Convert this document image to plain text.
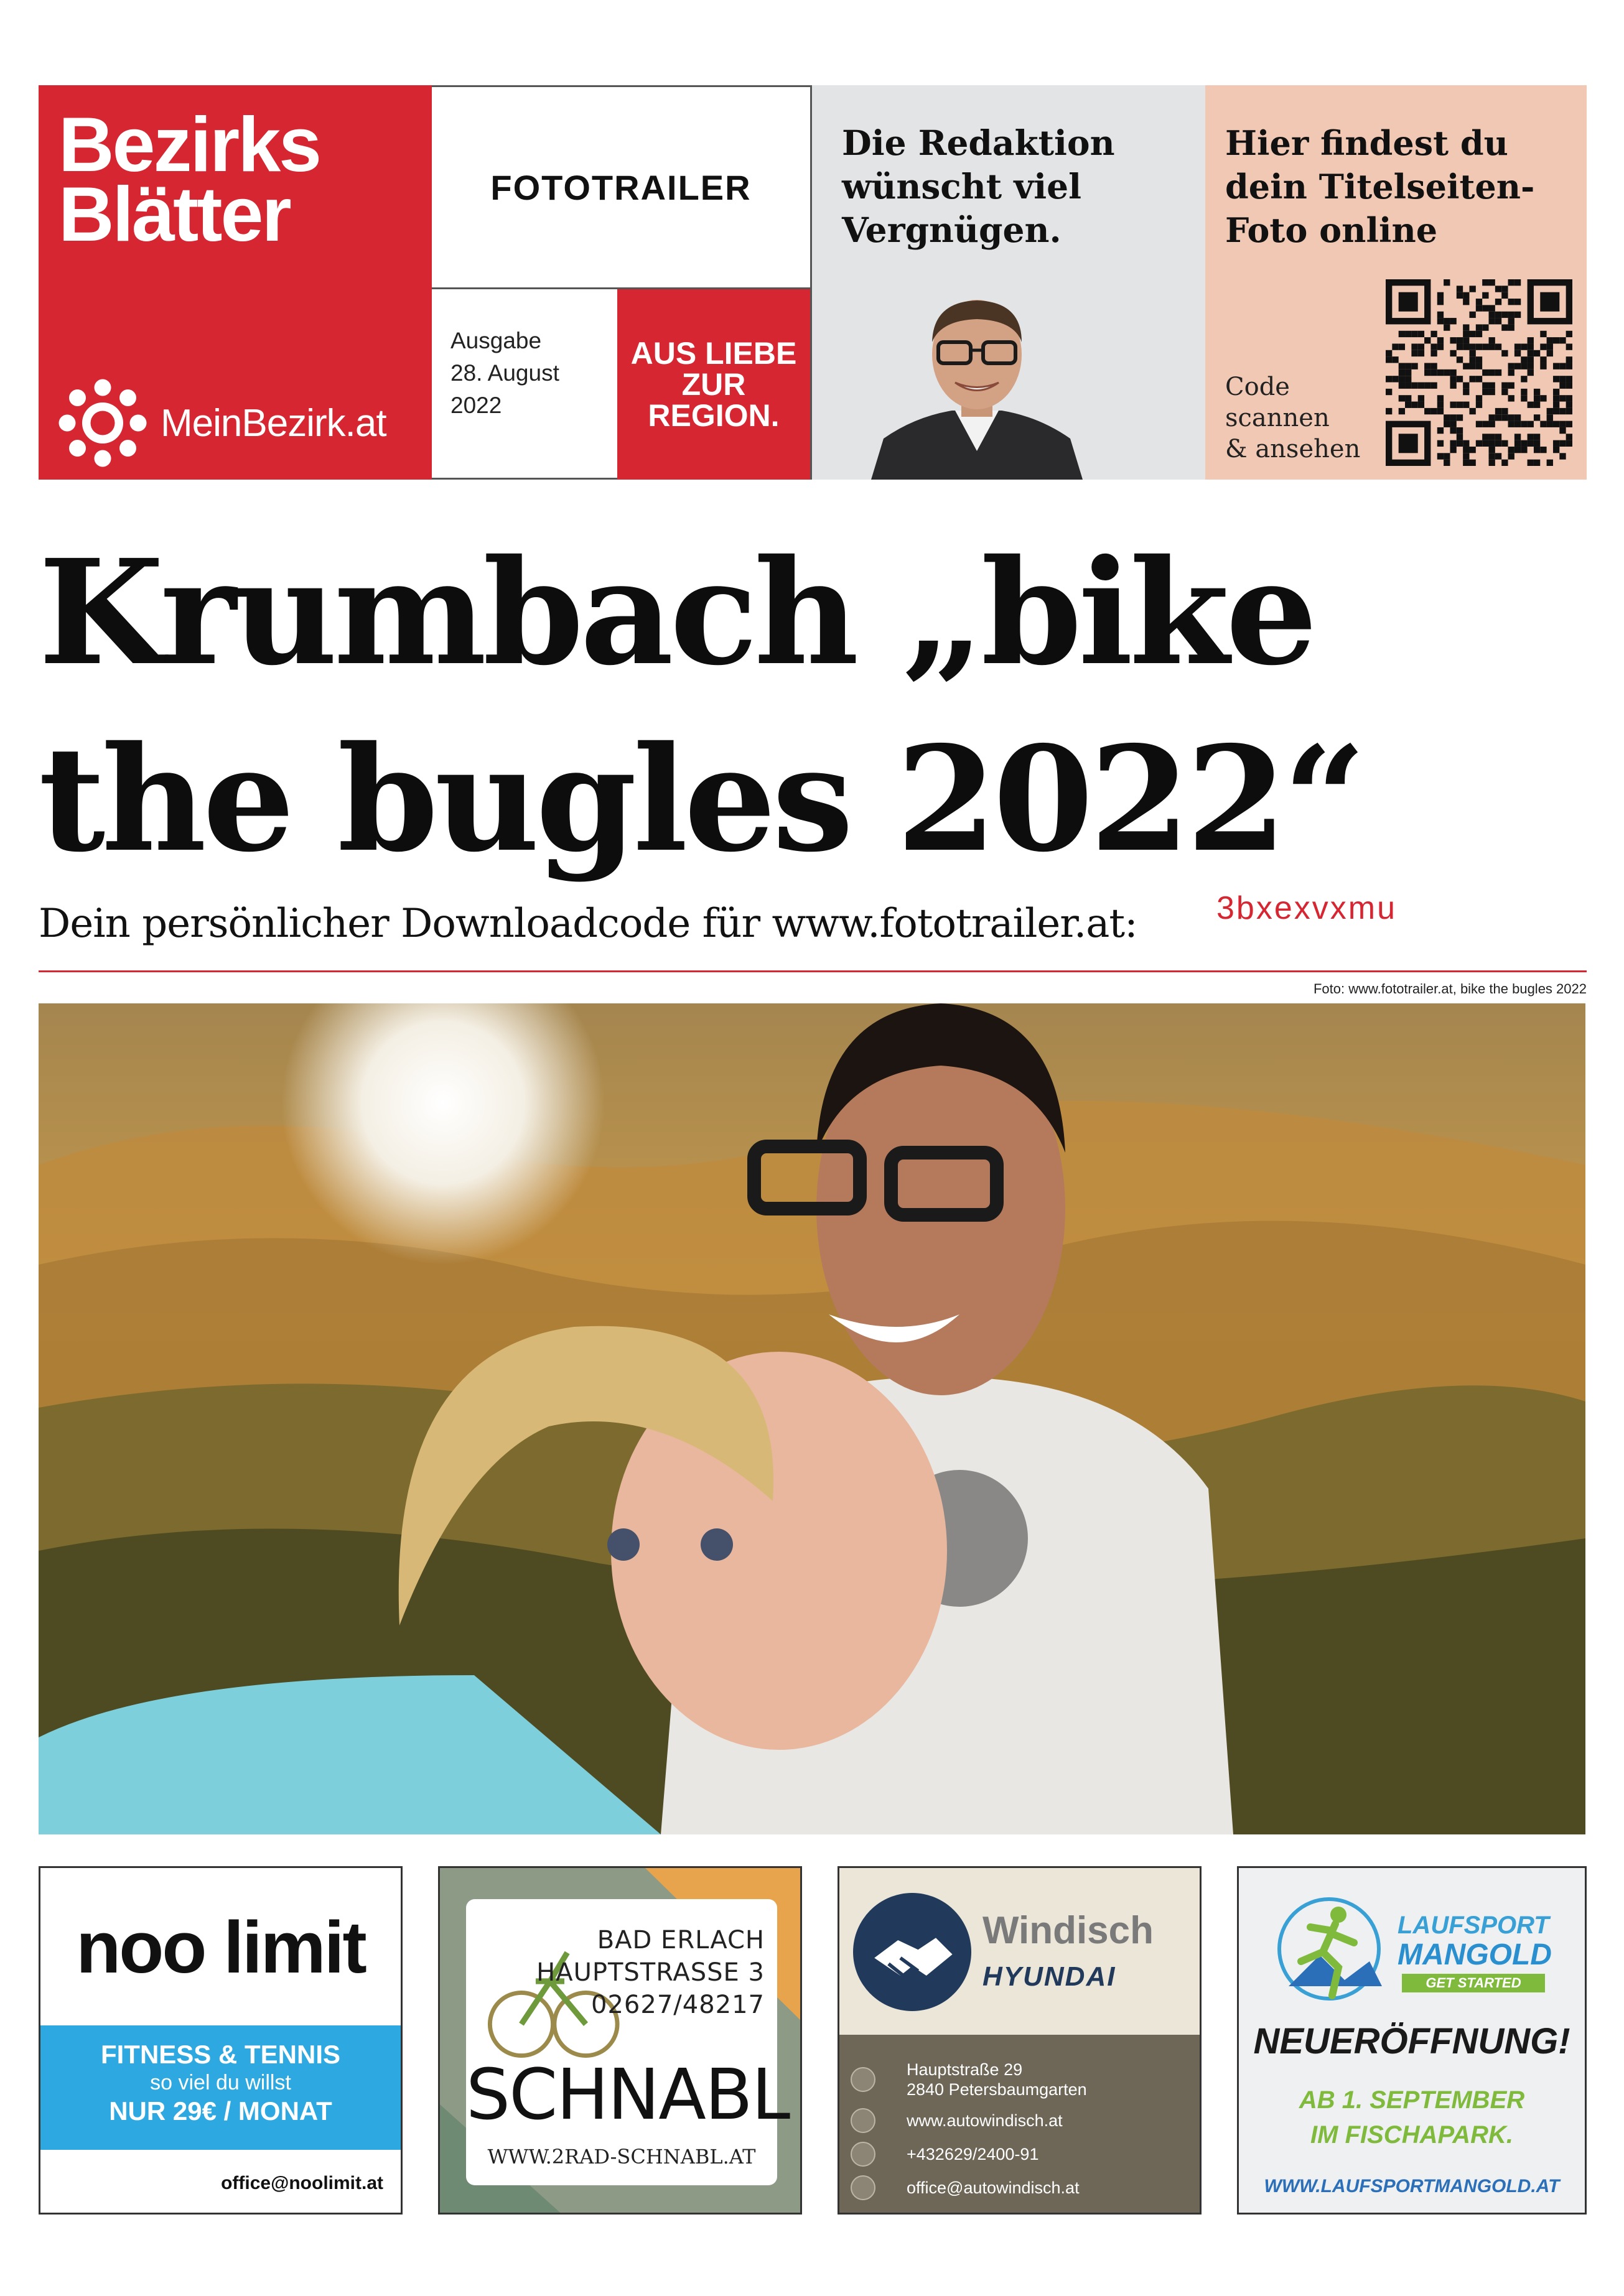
Bezirks
Blätter
MeinBezirk.at
FOTOTRAILER
Ausgabe
28. August
2022
AUS LIEBE
ZUR
REGION.
Die Redaktion
wünscht viel
Vergnügen.
Hier findest du
dein Titelseiten-
Foto online
Code
scannen
& ansehen
Krumbach „bike
the bugles 2022“
Dein persönlicher Downloadcode für www.fototrailer.at: 3bxexvxmu
Foto: www.fototrailer.at, bike the bugles 2022
noo limit
FITNESS & TENNIS
so viel du willst
NUR 29€ / MONAT
office@noolimit.at
BAD ERLACH
HAUPTSTRASSE 3
02627/48217
SCHNABL
WWW.2RAD-SCHNABL.AT
Windisch
HYUNDAI
Hauptstraße 29
2840 Petersbaumgarten
www.autowindisch.at
+432629/2400-91
office@autowindisch.at
LAUFSPORT
MANGOLD
GET STARTED
NEUERÖFFNUNG!
AB 1. SEPTEMBER
IM FISCHAPARK.
WWW.LAUFSPORTMANGOLD.AT
